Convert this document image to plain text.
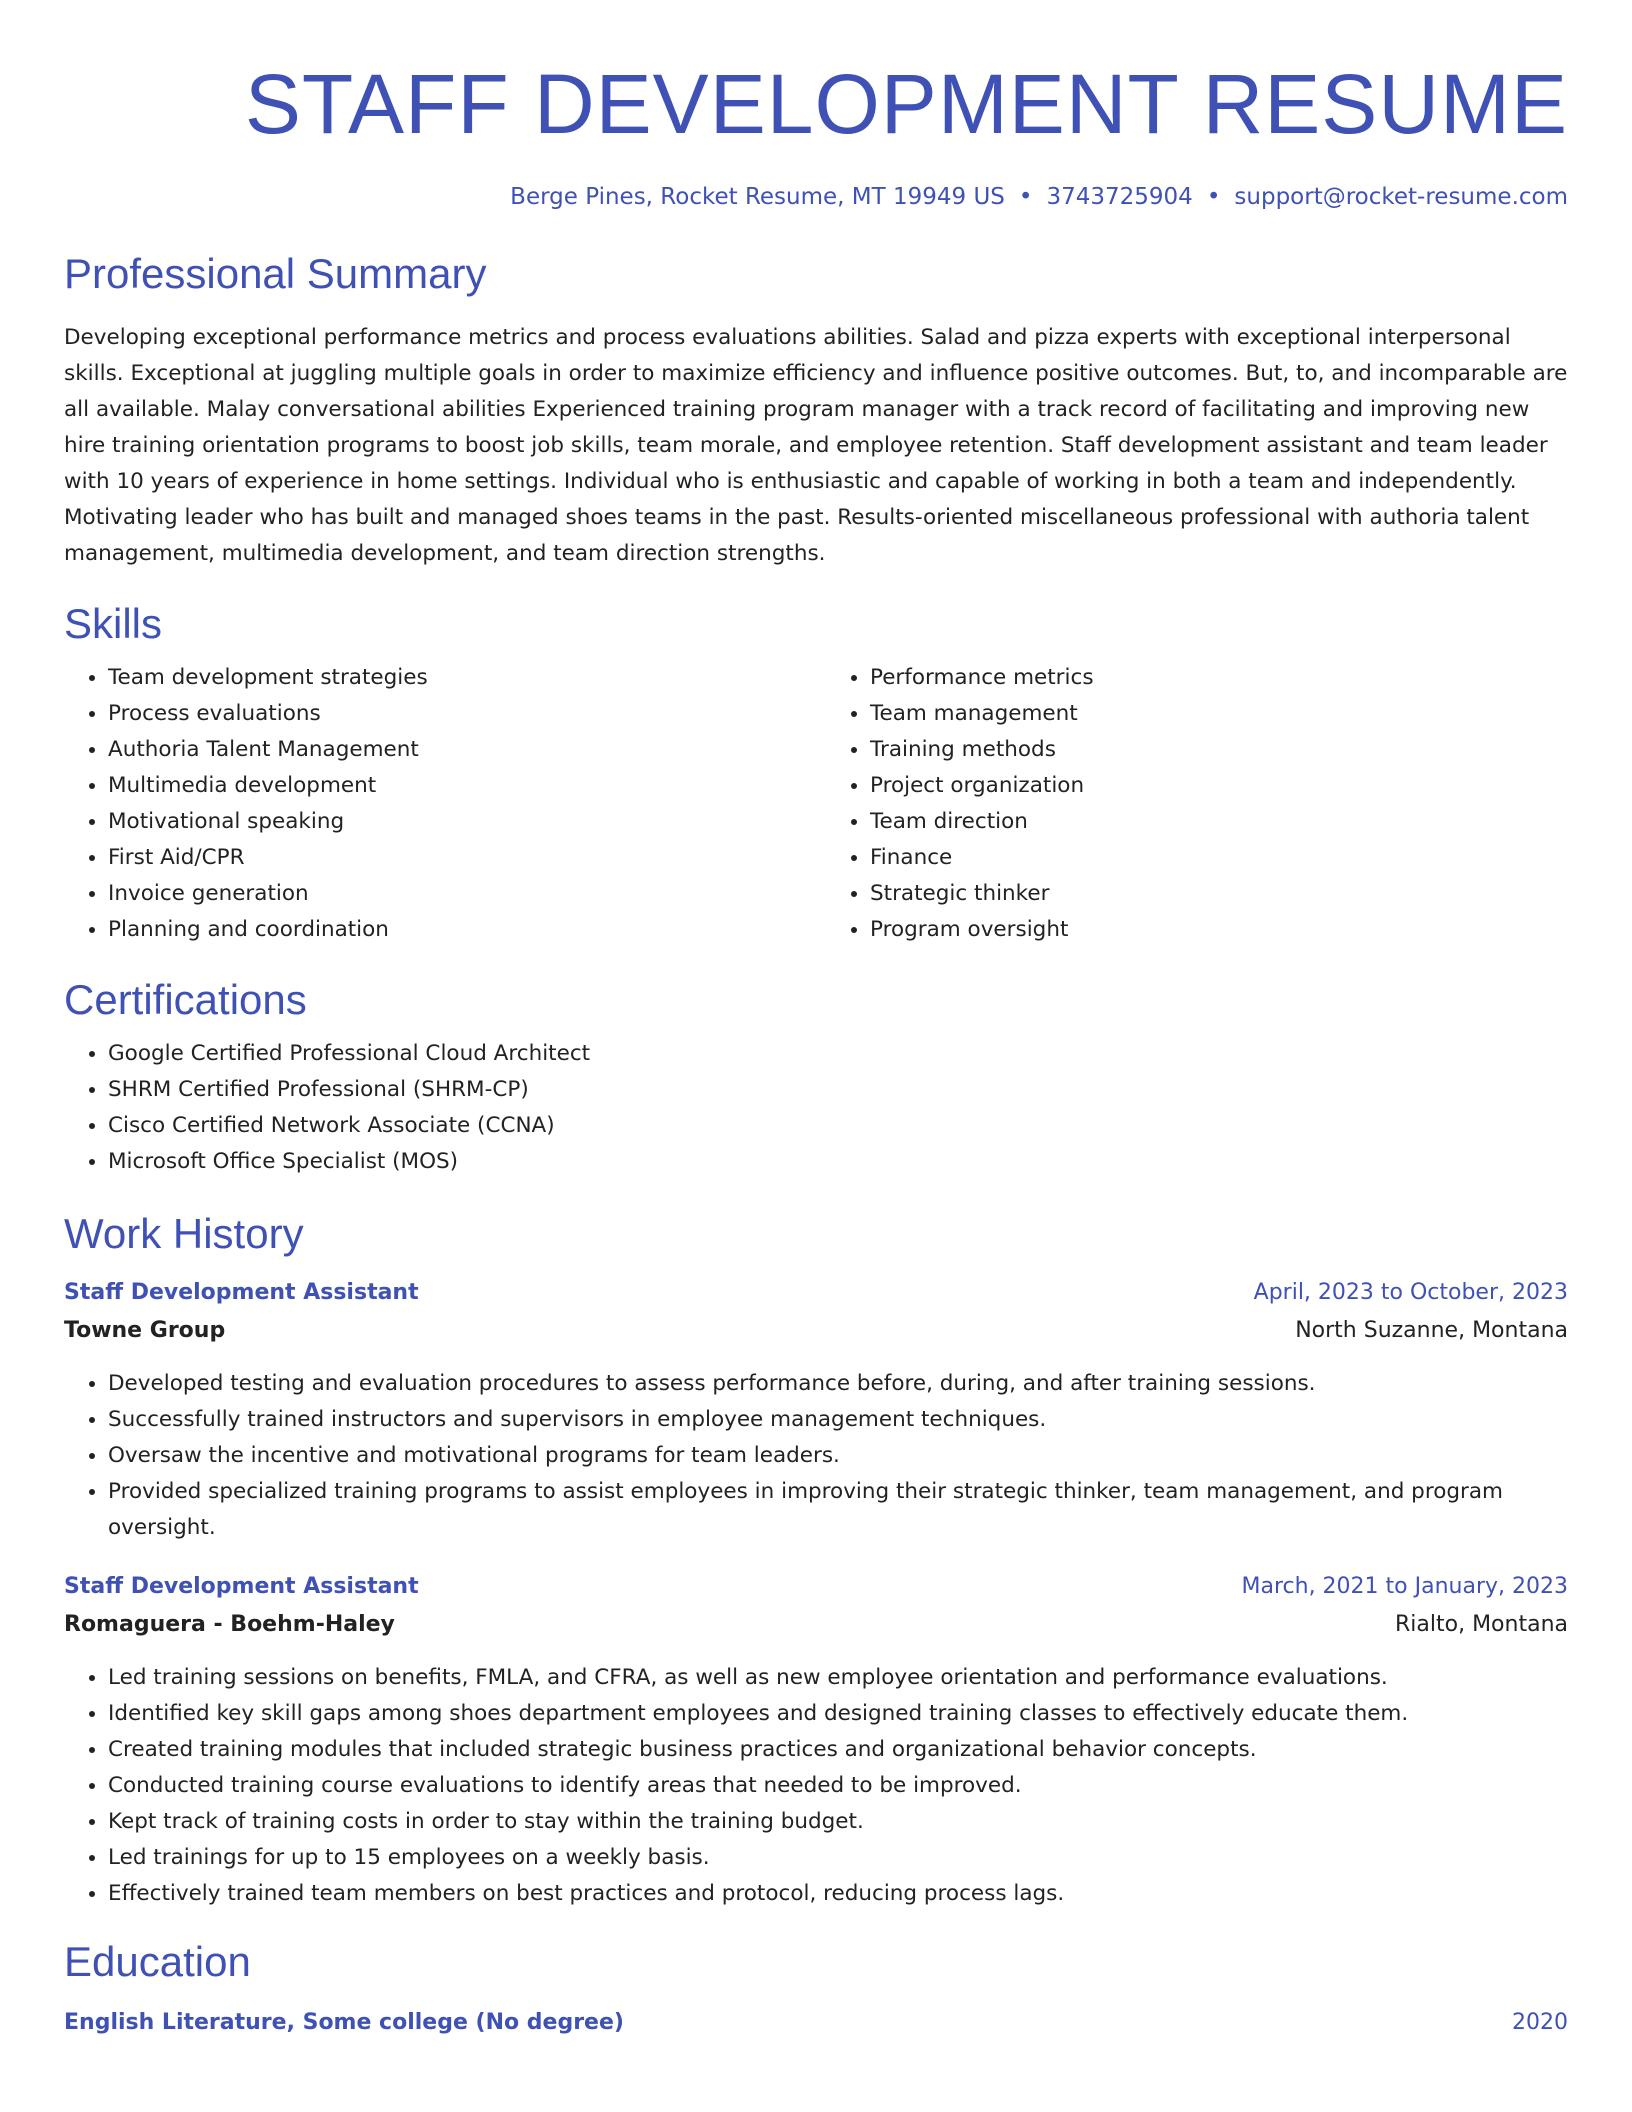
STAFF DEVELOPMENT RESUME
Berge Pines, Rocket Resume, MT 19949 US • 3743725904 • support@rocket-resume.com
Professional Summary

Developing exceptional performance metrics and process evaluations abilities. Salad and pizza experts with exceptional interpersonal skills. Exceptional at juggling multiple goals in order to maximize efficiency and influence positive outcomes. But, to, and incomparable are all available. Malay conversational abilities Experienced training program manager with a track record of facilitating and improving new hire training orientation programs to boost job skills, team morale, and employee retention. Staff development assistant and team leader with 10 years of experience in home settings. Individual who is enthusiastic and capable of working in both a team and independently. Motivating leader who has built and managed shoes teams in the past. Results-oriented miscellaneous professional with authoria talent management, multimedia development, and team direction strengths.

Skills
• Team development strategies
• Process evaluations
• Authoria Talent Management
• Multimedia development
• Motivational speaking
• First Aid/CPR
• Invoice generation
• Planning and coordination
• Performance metrics
• Team management
• Training methods
• Project organization
• Team direction
• Finance
• Strategic thinker
• Program oversight
Certifications
• Google Certified Professional Cloud Architect
• SHRM Certified Professional (SHRM-CP)
• Cisco Certified Network Associate (CCNA)
• Microsoft Office Specialist (MOS)
Work History
Staff Development Assistant	April, 2023 to October, 2023
Towne Group	North Suzanne, Montana
• Developed testing and evaluation procedures to assess performance before, during, and after training sessions.
• Successfully trained instructors and supervisors in employee management techniques.
• Oversaw the incentive and motivational programs for team leaders.
• Provided specialized training programs to assist employees in improving their strategic thinker, team management, and program oversight.
Staff Development Assistant	March, 2021 to January, 2023
Romaguera - Boehm-Haley	Rialto, Montana
• Led training sessions on benefits, FMLA, and CFRA, as well as new employee orientation and performance evaluations.
• Identified key skill gaps among shoes department employees and designed training classes to effectively educate them.
• Created training modules that included strategic business practices and organizational behavior concepts.
• Conducted training course evaluations to identify areas that needed to be improved.
• Kept track of training costs in order to stay within the training budget.
• Led trainings for up to 15 employees on a weekly basis.
• Effectively trained team members on best practices and protocol, reducing process lags.
Education
English Literature, Some college (No degree)	2020
